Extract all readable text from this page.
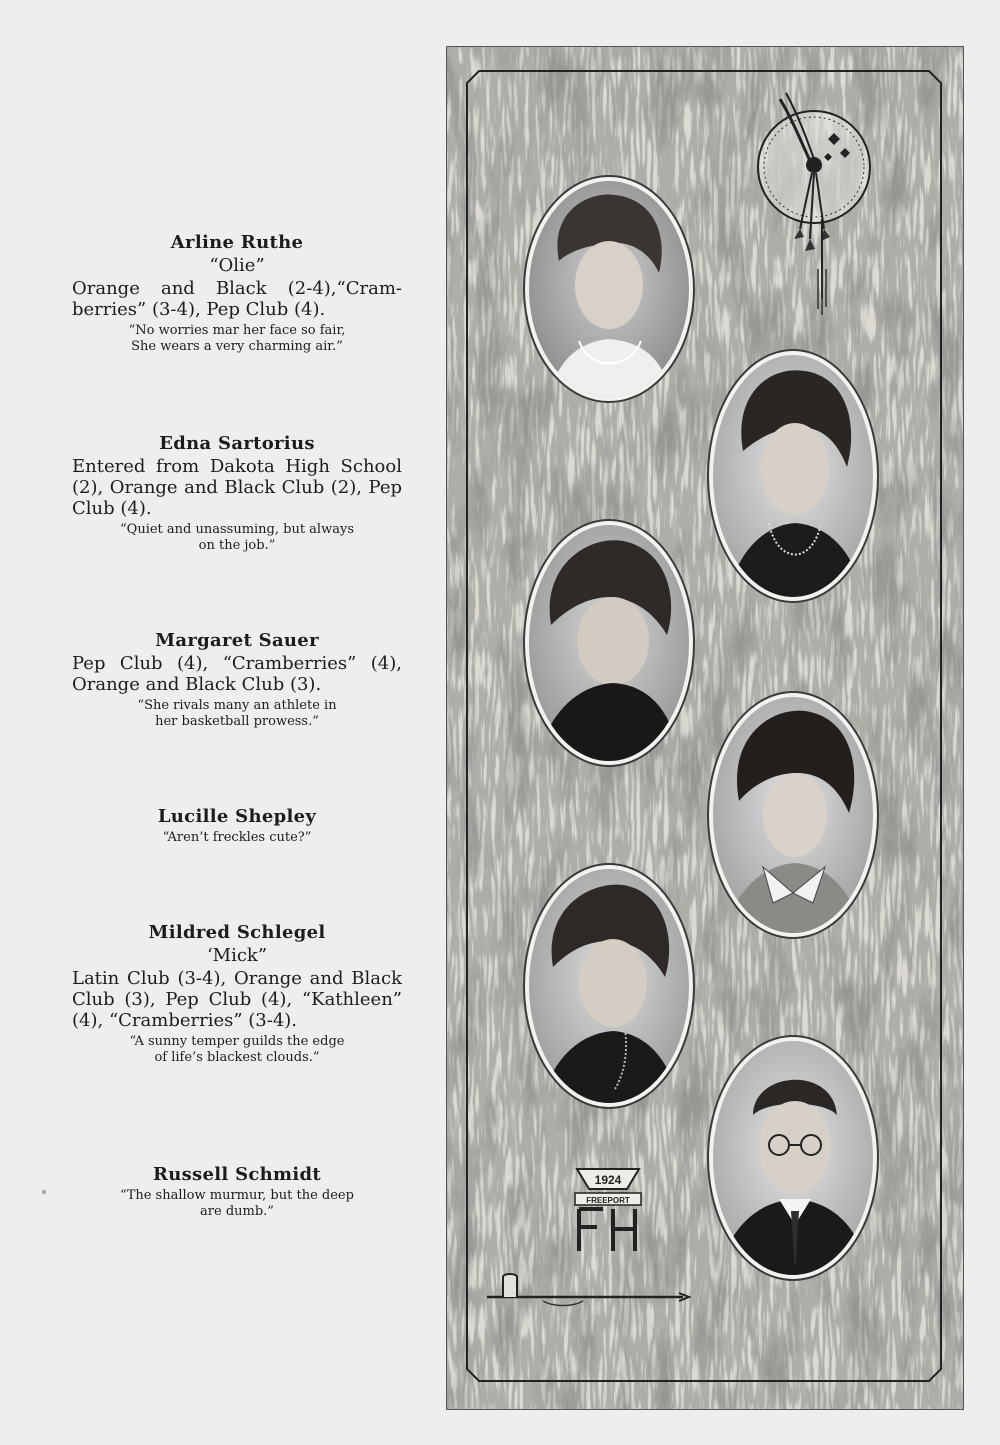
Arline Ruthe
“Olie”
Orange and Black (2-4),“Cram-berries” (3-4), Pep Club (4).
“No worries mar her face so fair,
She wears a very charming air.”
Edna Sartorius
Entered from Dakota High School (2), Orange and Black Club (2), Pep Club (4).
“Quiet and unassuming, but always
on the job.”
Margaret Sauer
Pep Club (4), “Cramberries” (4), Orange and Black Club (3).
“She rivals many an athlete in
her basketball prowess.”
Lucille Shepley
“Aren’t freckles cute?”
Mildred Schlegel
‘Mick”
Latin Club (3-4), Orange and Black Club (3), Pep Club (4), “Kathleen” (4), “Cramberries” (3-4).
“A sunny temper guilds the edge
of life’s blackest clouds.”
Russell Schmidt
“The shallow murmur, but the deep
are dumb.”
1924
FREEPORT
